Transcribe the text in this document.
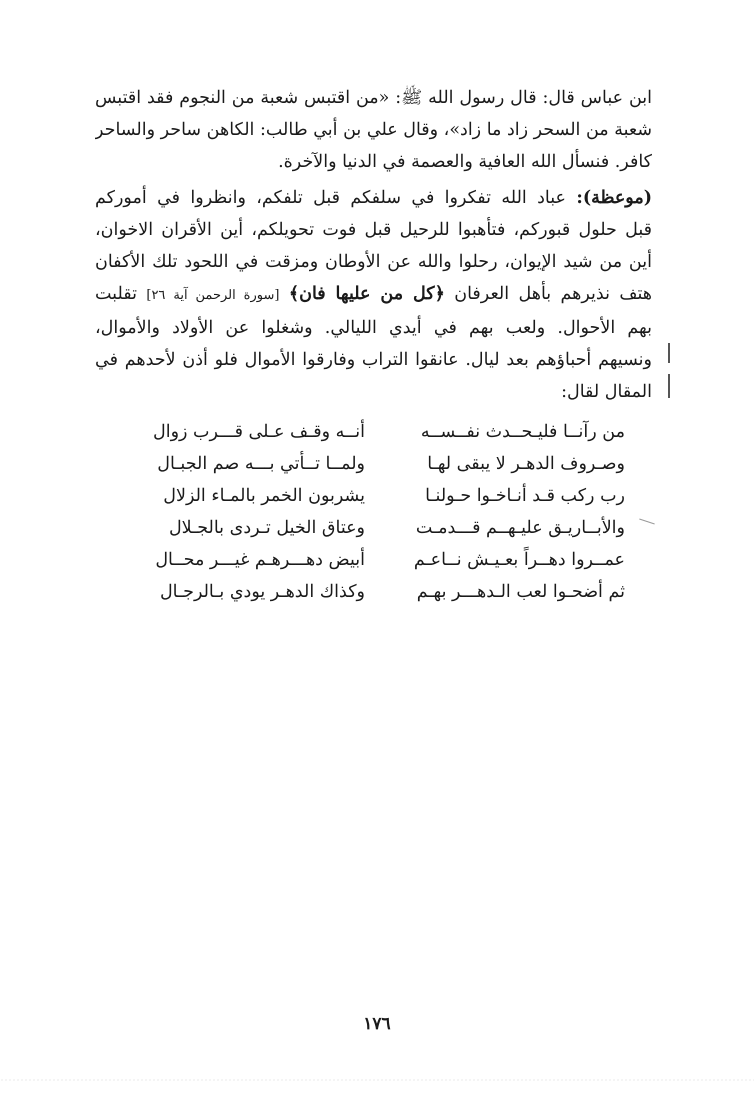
ابن عباس قال: قال رسول الله ﷺ: «من اقتبس شعبة من النجوم فقد اقتبس
شعبة من السحر زاد ما زاد»، وقال علي بن أبي طالب: الكاهن ساحر والساحر
كافر. فنسأل الله العافية والعصمة في الدنيا والآخرة.
(موعظة): عباد الله تفكروا في سلفكم قبل تلفكم، وانظروا في أموركم
قبل حلول قبوركم، فتأهبوا للرحيل قبل فوت تحويلكم، أين الأقران الاخوان،
أين من شيد الإيوان، رحلوا والله عن الأوطان ومزقت في اللحود تلك الأكفان
هتف نذيرهم بأهل العرفان ﴿كل من عليها فان﴾ [سورة الرحمن آية ٢٦] تقلبت
بهم الأحوال. ولعب بهم في أيدي الليالي. وشغلوا عن الأولاد والأموال،
ونسيهم أحباؤهم بعد ليال. عانقوا التراب وفارقوا الأموال فلو أذن لأحدهم في
المقال لقال:
من رآنــا فليـحــدث نفــســه
أنــه وقـف عـلى قـــرب زوال
وصـروف الدهـر لا يبقى لهـا
ولمــا تــأتي بـــه صم الجبـال
رب ركب قـد أنـاخـوا حـولنـا
يشربون الخمر بالمـاء الزلال
والأبــاريـق عليـهــم قـــدمـت
وعتاق الخيل تـردى بالجـلال
عمــروا دهــراً بعـيـش نــاعـم
أبيض دهـــرهـم غيـــر محــال
ثم أضحـوا لعب الـدهـــر بهـم
وكذاك الدهـر يودي بـالرجـال
١٧٦
